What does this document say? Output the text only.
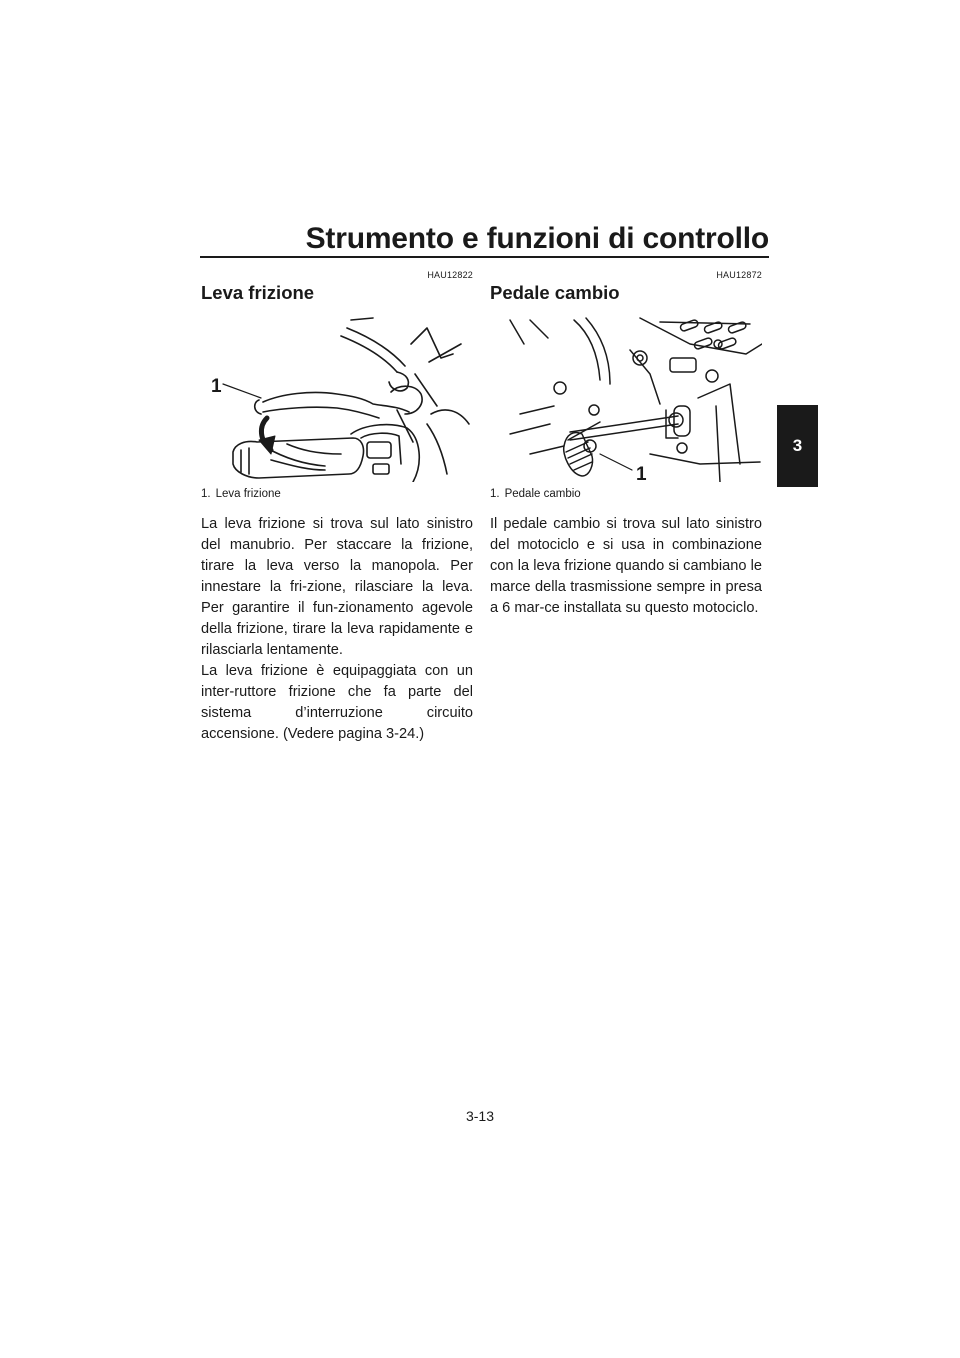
Strumento e funzioni di controllo
3
HAU12822
Leva frizione
1
1. Leva frizione

La leva frizione si trova sul lato sinistro del manubrio. Per staccare la frizione, tirare la leva verso la manopola. Per innestare la fri-zione, rilasciare la leva. Per garantire il fun-zionamento agevole della frizione, tirare la leva rapidamente e rilasciarla lentamente.

La leva frizione è equipaggiata con un inter-ruttore frizione che fa parte del sistema d’interruzione circuito accensione. (Vedere pagina 3-24.)

HAU12872
Pedale cambio
1
1. Pedale cambio

Il pedale cambio si trova sul lato sinistro del motociclo e si usa in combinazione con la leva frizione quando si cambiano le marce della trasmissione sempre in presa a 6 mar-ce installata su questo motociclo.

3-13
